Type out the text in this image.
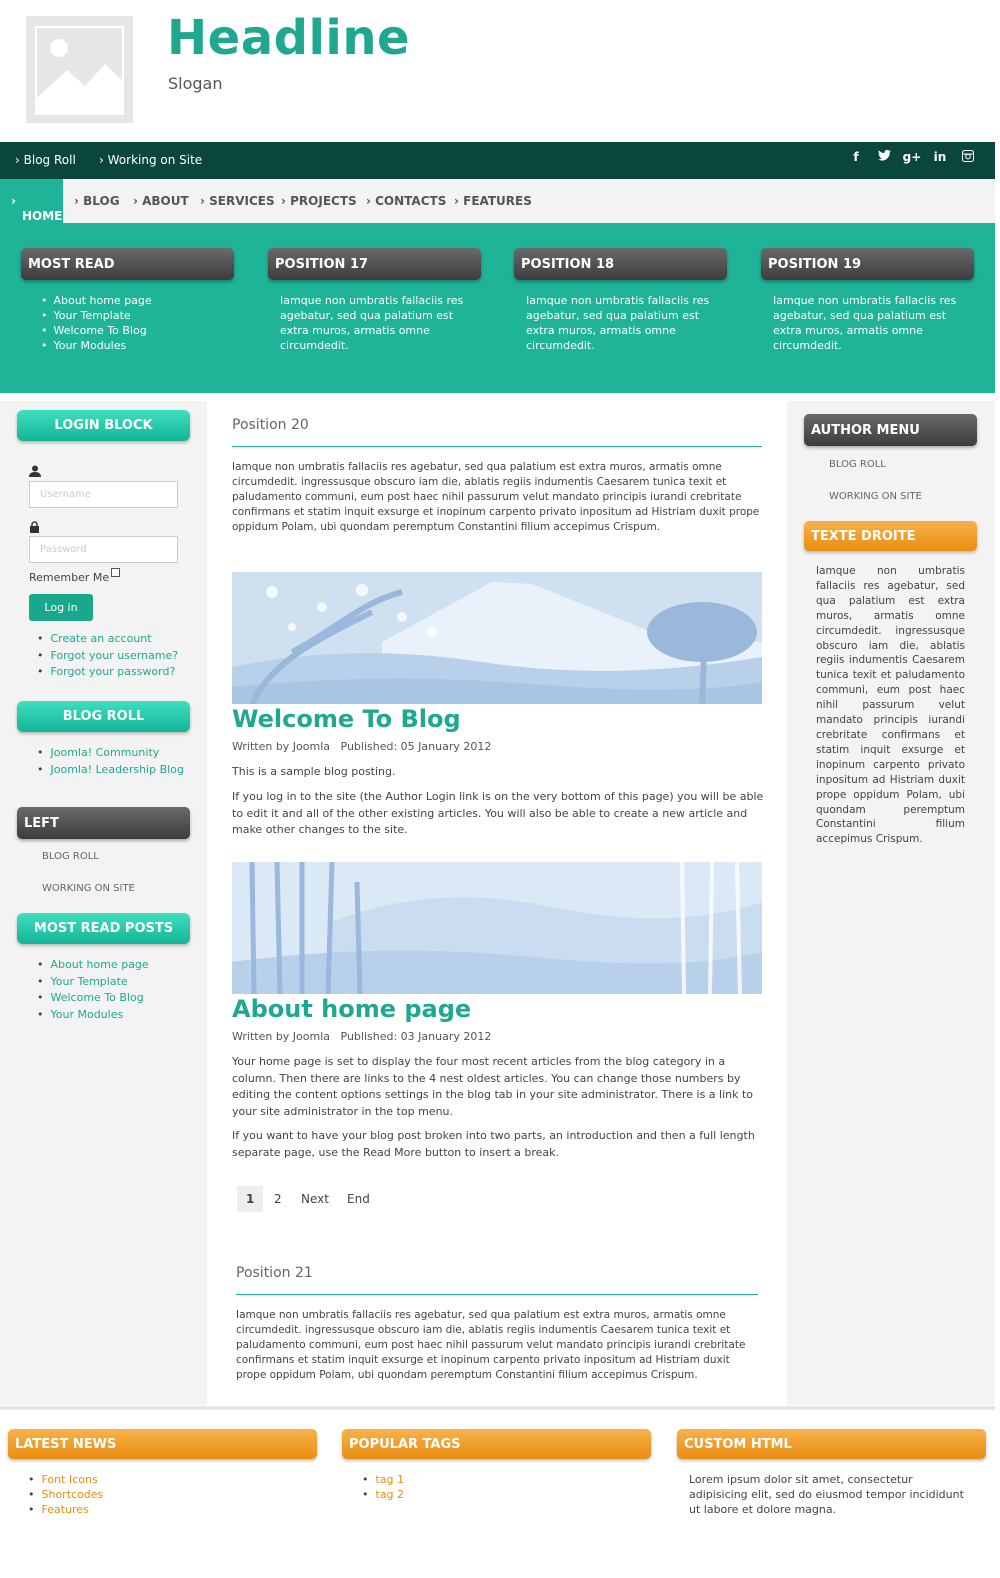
Headline
Slogan
› Blog Roll › Working on Site	f	g+	in
›
HOME
› BLOG › ABOUT › SERVICES › PROJECTS › CONTACTS › FEATURES
MOST READ
• About home page
• Your Template
• Welcome To Blog
• Your Modules
POSITION 17
Iamque non umbratis fallaciis res agebatur, sed qua palatium est extra muros, armatis omne circumdedit.
POSITION 18
Iamque non umbratis fallaciis res agebatur, sed qua palatium est extra muros, armatis omne circumdedit.
POSITION 19
Iamque non umbratis fallaciis res agebatur, sed qua palatium est extra muros, armatis omne circumdedit.
LOGIN BLOCK
Username
Password
Remember Me
Log in
• Create an account
• Forgot your username?
• Forgot your password?
BLOG ROLL
• Joomla! Community
• Joomla! Leadership Blog
LEFT
BLOG ROLL
WORKING ON SITE
MOST READ POSTS
• About home page
• Your Template
• Welcome To Blog
• Your Modules
Position 20
Iamque non umbratis fallaciis res agebatur, sed qua palatium est extra muros, armatis omne circumdedit. ingressusque obscuro iam die, ablatis regiis indumentis Caesarem tunica texit et paludamento communi, eum post haec nihil passurum velut mandato principis iurandi crebritate confirmans et statim inquit exsurge et inopinum carpento privato inpositum ad Histriam duxit prope oppidum Polam, ubi quondam peremptum Constantini filium accepimus Crispum.
Welcome To Blog
Written by Joomla   Published: 05 January 2012
This is a sample blog posting.
If you log in to the site (the Author Login link is on the very bottom of this page) you will be able to edit it and all of the other existing articles. You will also be able to create a new article and make other changes to the site.
About home page
Written by Joomla   Published: 03 January 2012
Your home page is set to display the four most recent articles from the blog category in a column. Then there are links to the 4 nest oldest articles. You can change those numbers by editing the content options settings in the blog tab in your site administrator. There is a link to your site administrator in the top menu.
If you want to have your blog post broken into two parts, an introduction and then a full length separate page, use the Read More button to insert a break.
1 2 Next End
Position 21
Iamque non umbratis fallaciis res agebatur, sed qua palatium est extra muros, armatis omne circumdedit. ingressusque obscuro iam die, ablatis regiis indumentis Caesarem tunica texit et paludamento communi, eum post haec nihil passurum velut mandato principis iurandi crebritate confirmans et statim inquit exsurge et inopinum carpento privato inpositum ad Histriam duxit prope oppidum Polam, ubi quondam peremptum Constantini filium accepimus Crispum.
AUTHOR MENU
BLOG ROLL
WORKING ON SITE
TEXTE DROITE
Iamque non umbratis fallaciis res agebatur, sed qua palatium est extra muros, armatis omne circumdedit. ingressusque obscuro iam die, ablatis regiis indumentis Caesarem tunica texit et paludamento communi, eum post haec nihil passurum velut mandato principis iurandi crebritate confirmans et statim inquit exsurge et inopinum carpento privato inpositum ad Histriam duxit prope oppidum Polam, ubi quondam peremptum Constantini filium accepimus Crispum.
LATEST NEWS
• Font Icons
• Shortcodes
• Features
POPULAR TAGS
• tag 1
• tag 2
CUSTOM HTML
Lorem ipsum dolor sit amet, consectetur adipisicing elit, sed do eiusmod tempor incididunt ut labore et dolore magna.
